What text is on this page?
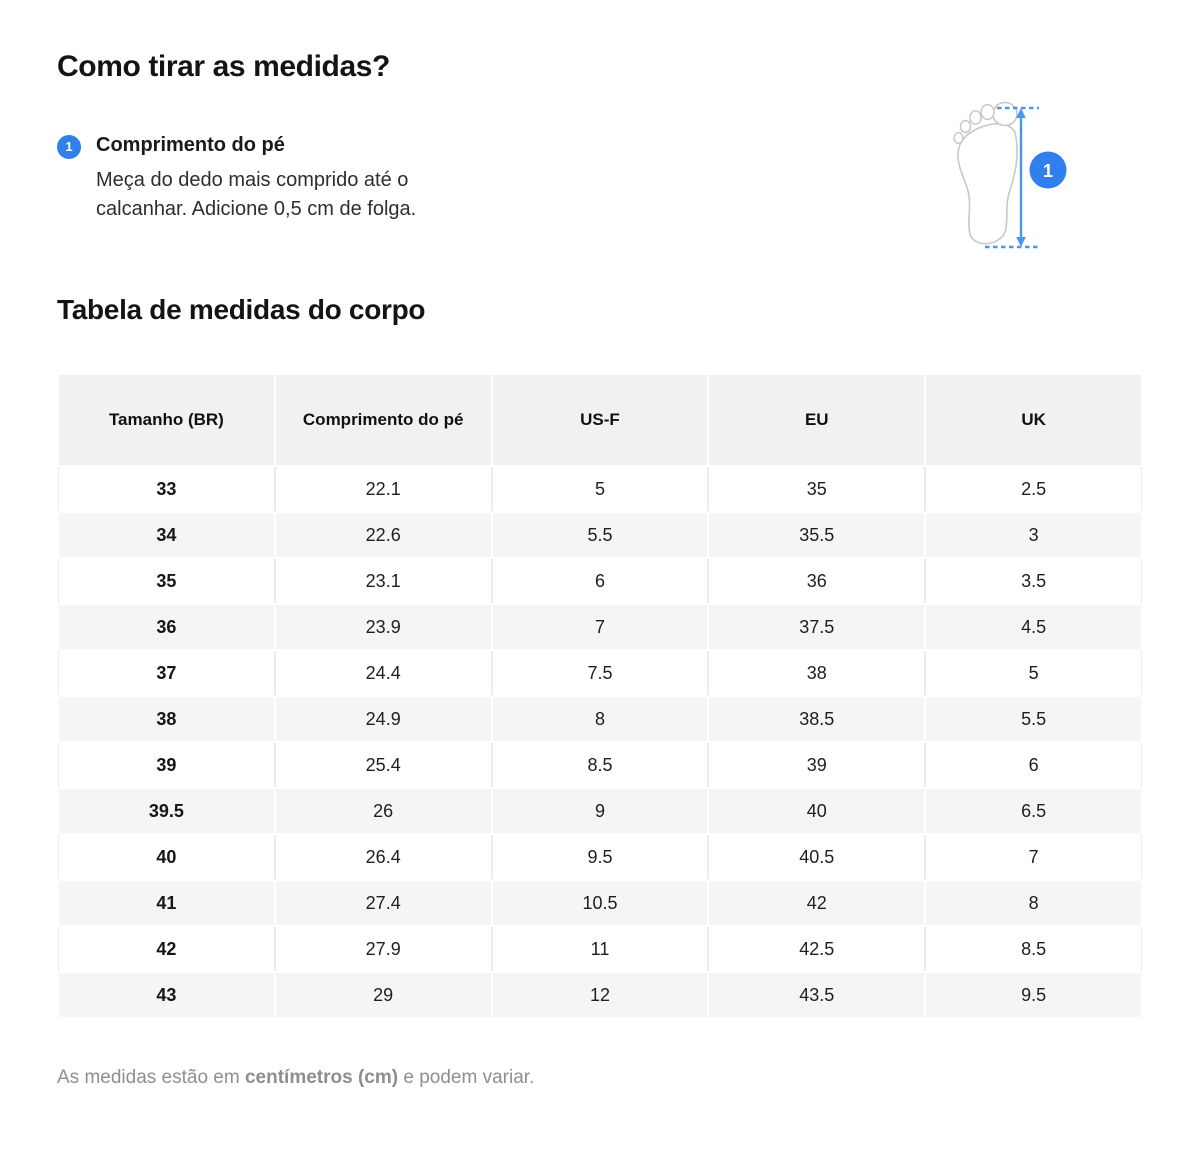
Como tirar as medidas?
1	Comprimento do pé
Meça do dedo mais comprido até o calcanhar. Adicione 0,5 cm de folga.
1
Tabela de medidas do corpo
Tamanho (BR)	Comprimento do pé	US-F	EU	UK
33	22.1	5	35	2.5
34	22.6	5.5	35.5	3
35	23.1	6	36	3.5
36	23.9	7	37.5	4.5
37	24.4	7.5	38	5
38	24.9	8	38.5	5.5
39	25.4	8.5	39	6
39.5	26	9	40	6.5
40	26.4	9.5	40.5	7
41	27.4	10.5	42	8
42	27.9	11	42.5	8.5
43	29	12	43.5	9.5

As medidas estão em centímetros (cm) e podem variar.
